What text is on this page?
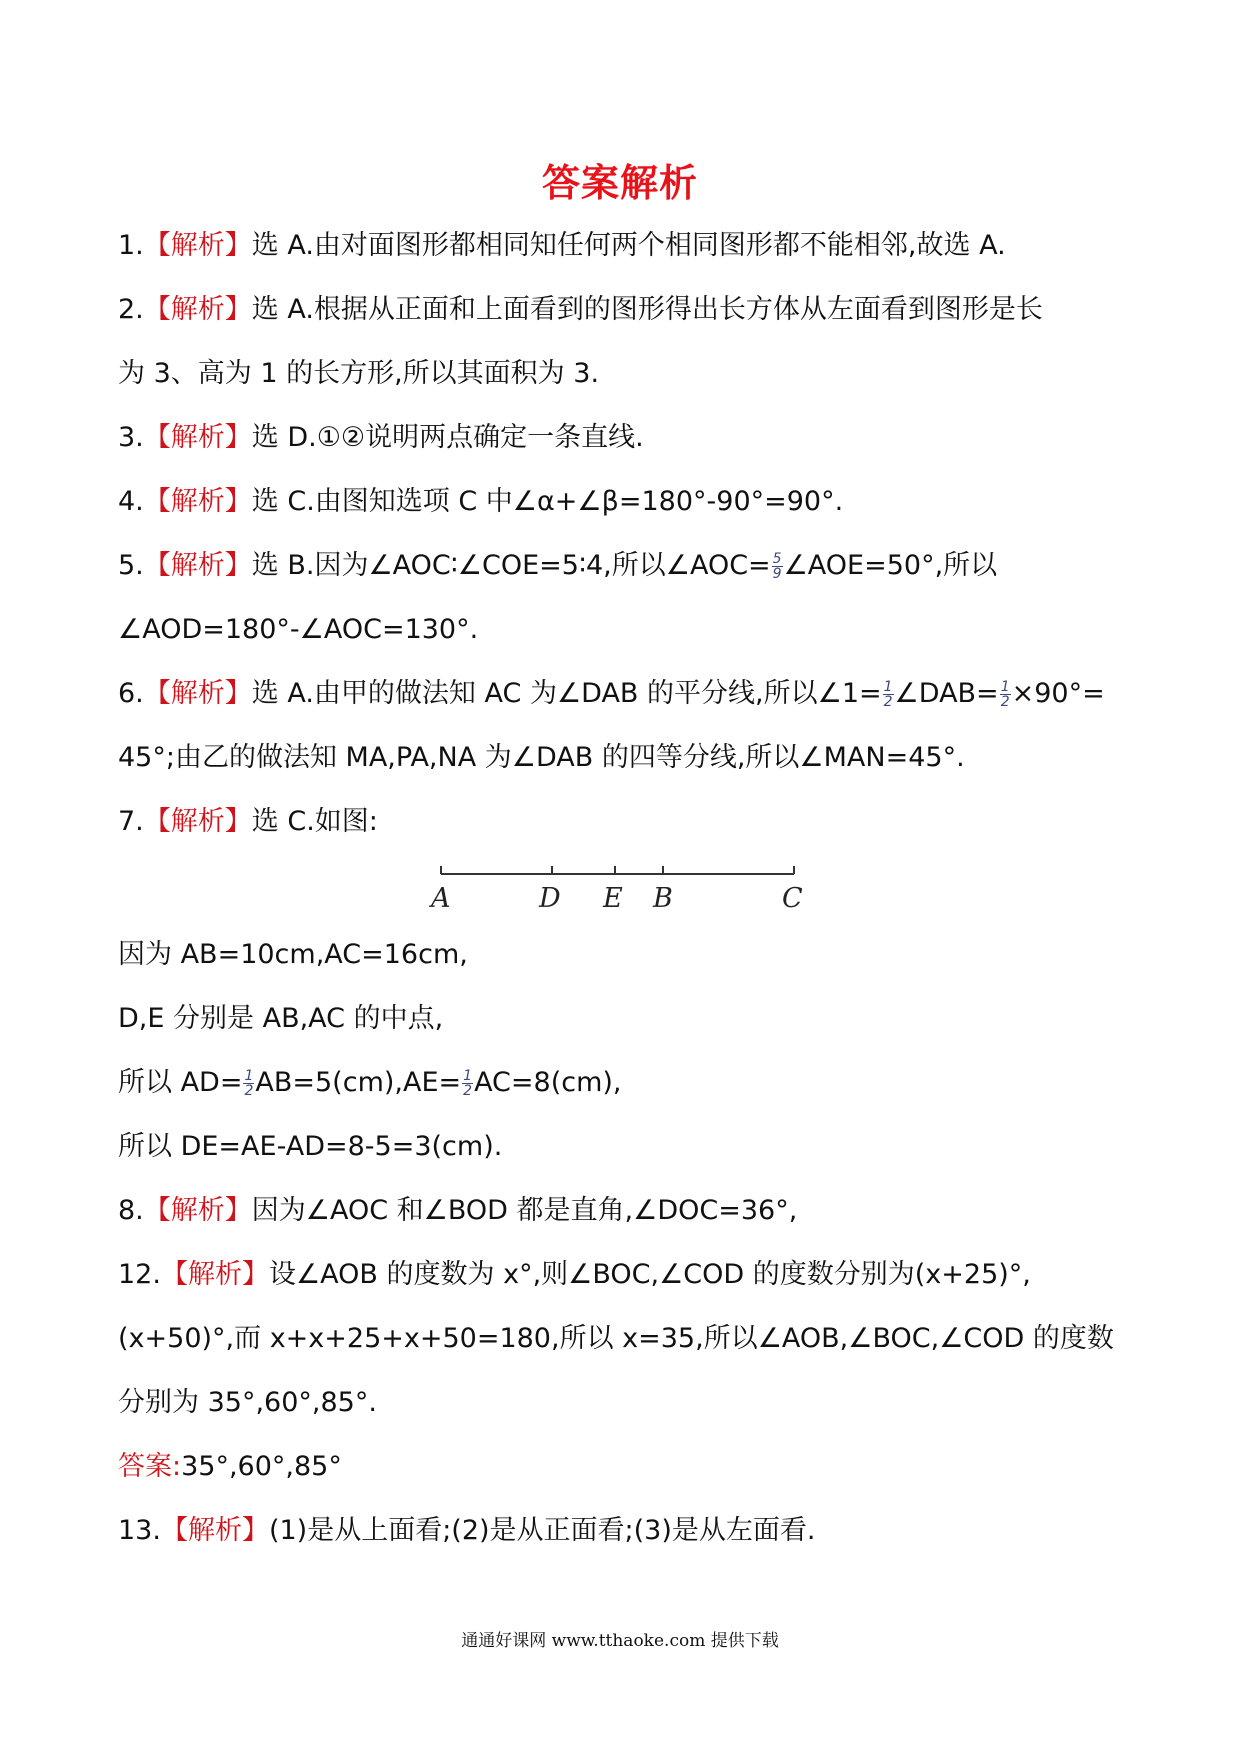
答案解析
1.【解析】选 A.由对面图形都相同知任何两个相同图形都不能相邻,故选 A.
2.【解析】选 A.根据从正面和上面看到的图形得出长方体从左面看到图形是长
为 3、高为 1 的长方形,所以其面积为 3.
3.【解析】选 D.①②说明两点确定一条直线.
4.【解析】选 C.由图知选项 C 中∠α+∠β=180°-90°=90°.
5.【解析】选 B.因为∠AOC∶∠COE=5∶4,所以∠AOC= $\frac{5}{9}$ ∠AOE=50°,所以
∠AOD=180°-∠AOC=130°.
6.【解析】选 A.由甲的做法知 AC 为∠DAB 的平分线,所以∠1= $\frac{1}{2}$ ∠DAB= $\frac{1}{2} \times 90^\circ=$
45°;由乙的做法知 MA,PA,NA 为∠DAB 的四等分线,所以∠MAN=45°.
7.【解析】选 C.如图:
A	D E B	C
因为 AB=10cm,AC=16cm,
D,E 分别是 AB,AC 的中点,
所以 $AD= \frac{1}{2} AB=5(cm),AE= \frac{1}{2} AC=8(cm)$,
所以 DE=AE-AD=8-5=3(cm).
8.【解析】因为∠AOC 和∠BOD 都是直角,∠DOC=36°,
12.【解析】设∠AOB 的度数为 x°,则∠BOC,∠COD 的度数分别为(x+25)°,
(x+50)°,而 x+x+25+x+50=180,所以 x=35,所以∠AOB,∠BOC,∠COD 的度数
分别为 35°,60°,85°.
答案:35°,60°,85°
13.【解析】(1)是从上面看;(2)是从正面看;(3)是从左面看.
通通好课网 www.tthaoke.com 提供下载
